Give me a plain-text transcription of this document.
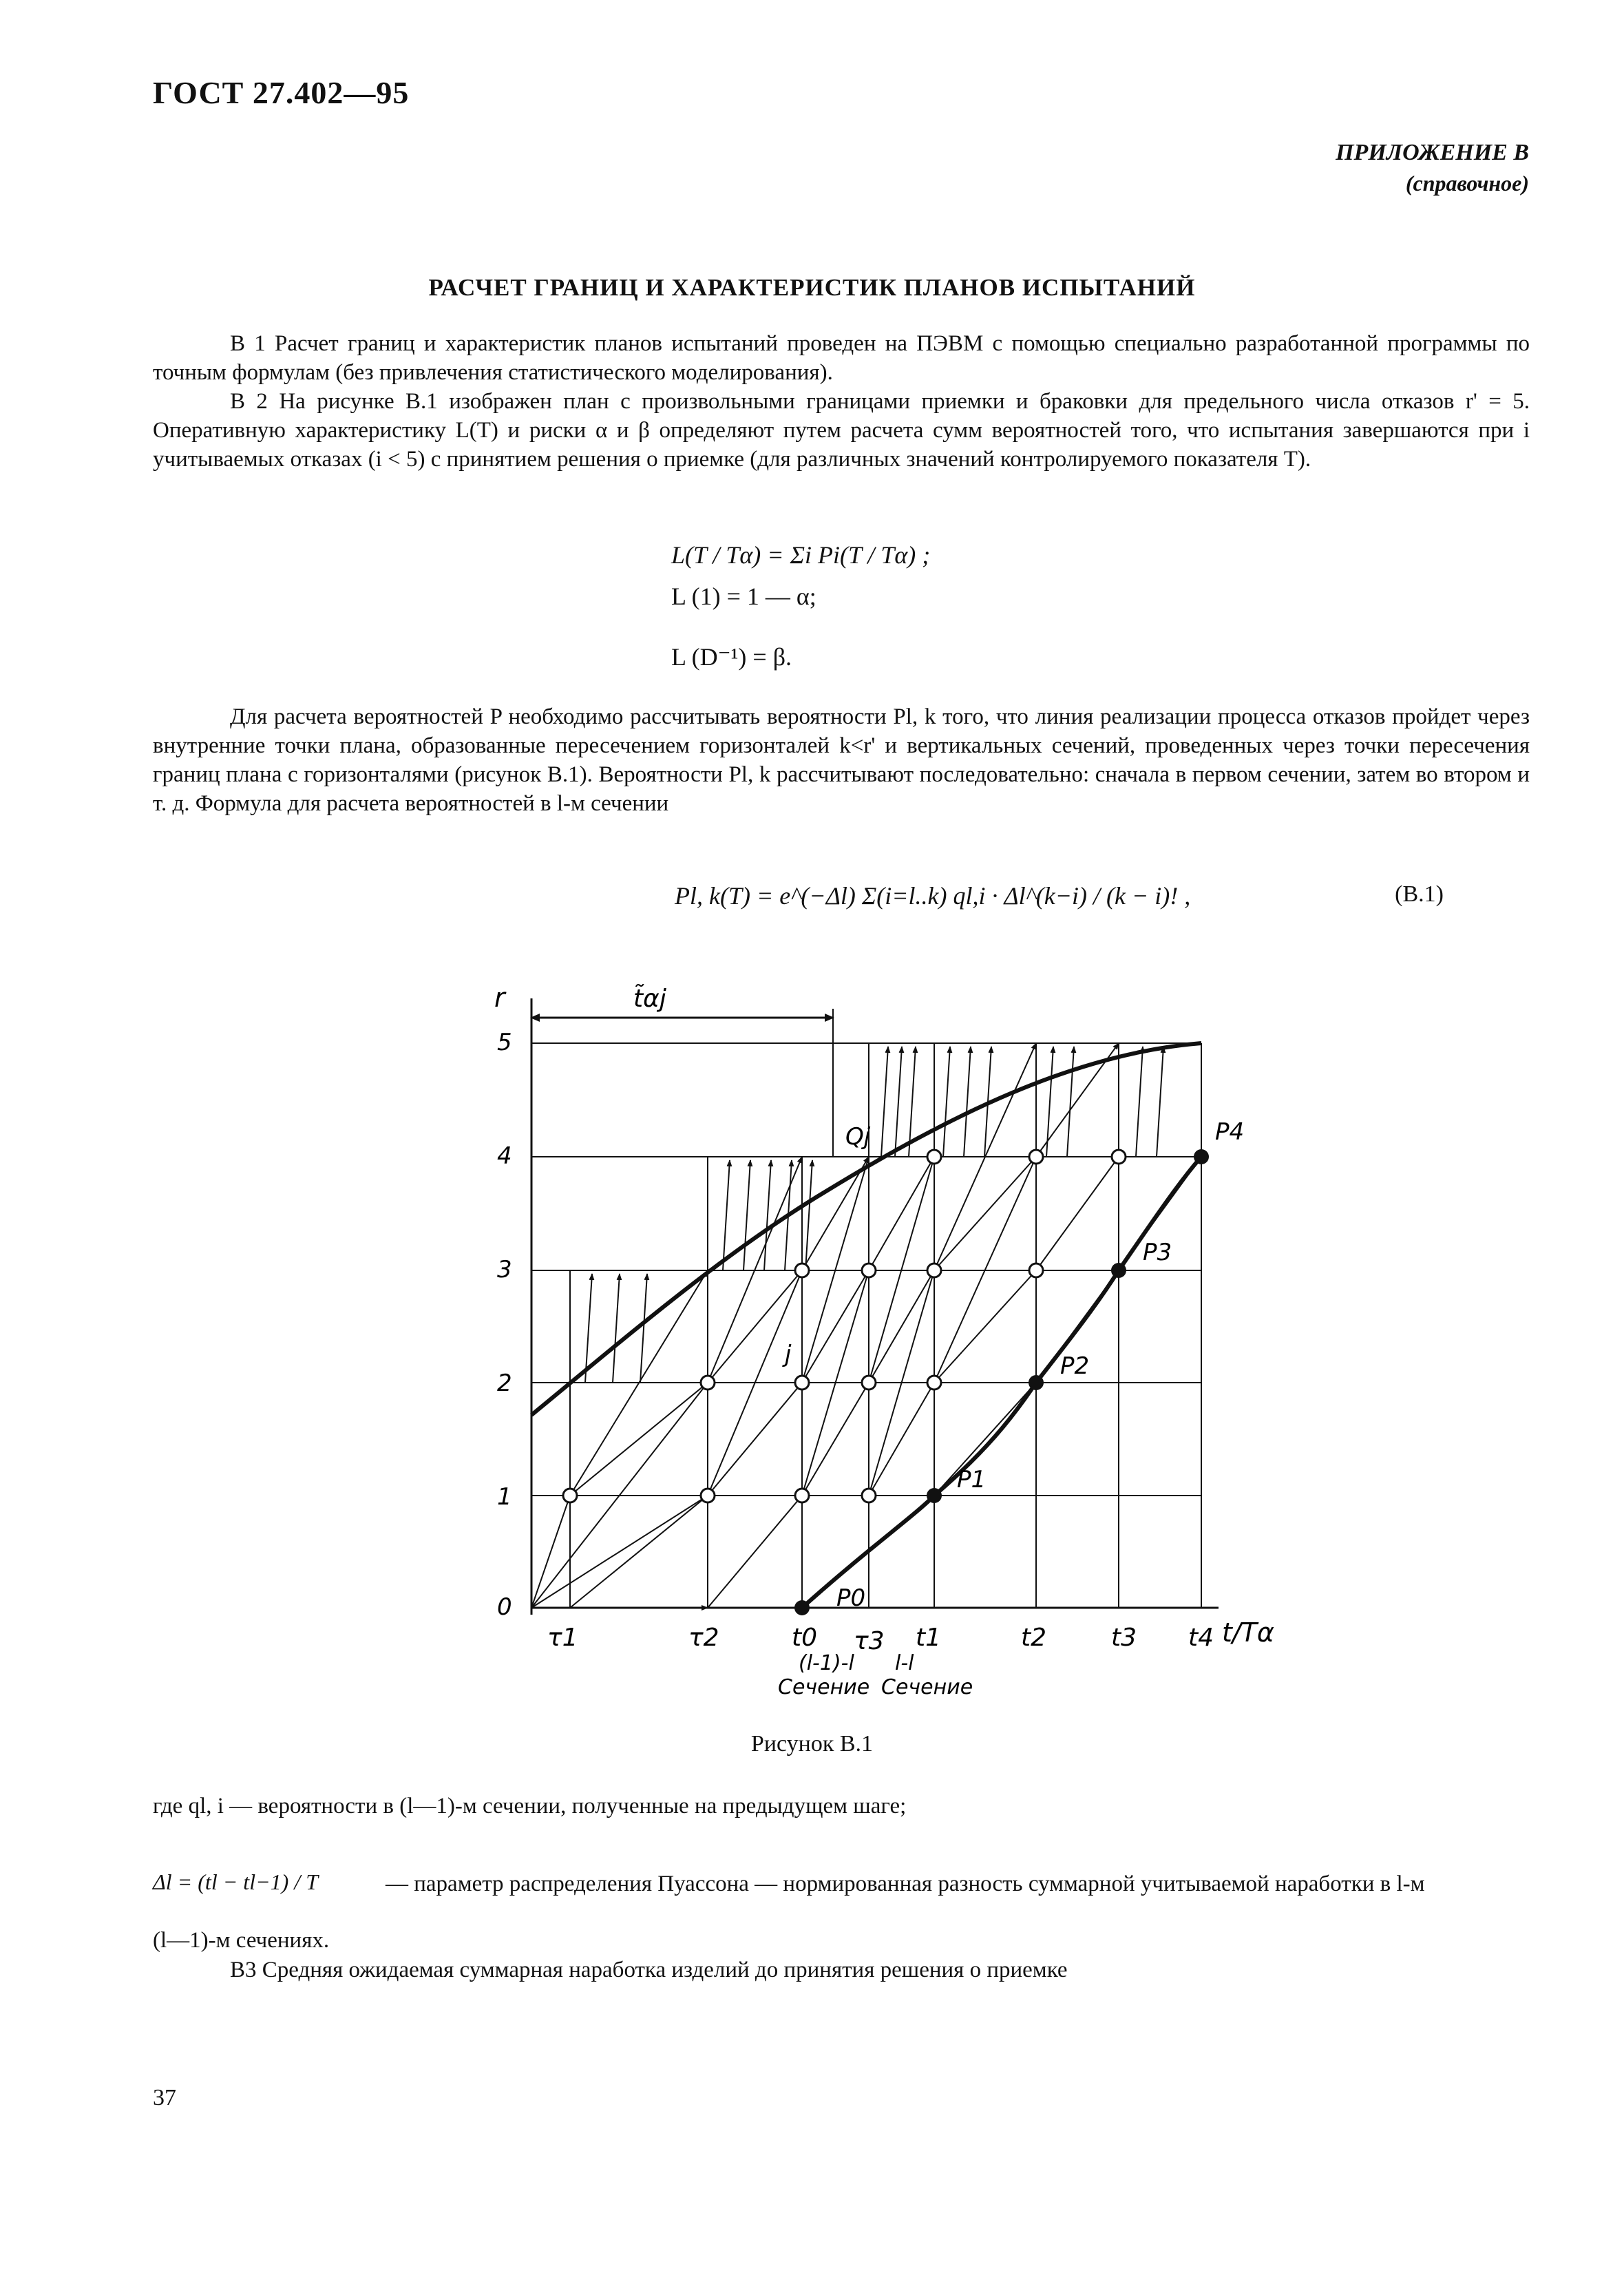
ГОСТ 27.402—95
ПРИЛОЖЕНИЕ В
(справочное)
РАСЧЕТ ГРАНИЦ И ХАРАКТЕРИСТИК ПЛАНОВ ИСПЫТАНИЙ
В 1 Расчет границ и характеристик планов испытаний проведен на ПЭВМ с помощью специально разработанной программы по точным формулам (без привлечения статистического моделирования).
В 2 На рисунке В.1 изображен план с произвольными границами приемки и браковки для предельного числа отказов r' = 5. Оперативную характеристику L(T) и риски α и β определяют путем расчета сумм вероятностей того, что испытания завершаются при i учитываемых отказах (i < 5) с принятием решения о приемке (для различных значений контролируемого показателя T).
L(T / Tα) = Σi Pi(T / Tα) ;
L (1) = 1 — α;
L (D⁻¹) = β.
Для расчета вероятностей P необходимо рассчитывать вероятности Pl, k того, что линия реализации процесса отказов пройдет через внутренние точки плана, образованные пересечением горизонталей k<r' и вертикальных сечений, проведенных через точки пересечения границ плана с горизонталями (рисунок В.1). Вероятности Pl, k рассчитывают последовательно: сначала в первом сечении, затем во втором и т. д. Формула для расчета вероятностей в l-м сечении
Pl, k(T) = e^(−Δl) Σ(i=l..k) ql,i · Δl^(k−i) / (k − i)! ,	(В.1)
r
t/Tα
0
1
2
3
4
5
τ1	τ2	t0 τ3 t1	t2	t3 t4
t̃αj
P0
P1
P2
P3
P4
Qj
j
(l-1)-l l-l
Сечение Сечение
Рисунок В.1
где ql, i — вероятности в (l—1)-м сечении, полученные на предыдущем шаге;
Δl = (tl − tl−1) / T	— параметр распределения Пуассона — нормированная разность суммарной учитываемой наработки в l-м
(l—1)-м сечениях.
В3 Средняя ожидаемая суммарная наработка изделий до принятия решения о приемке
37
